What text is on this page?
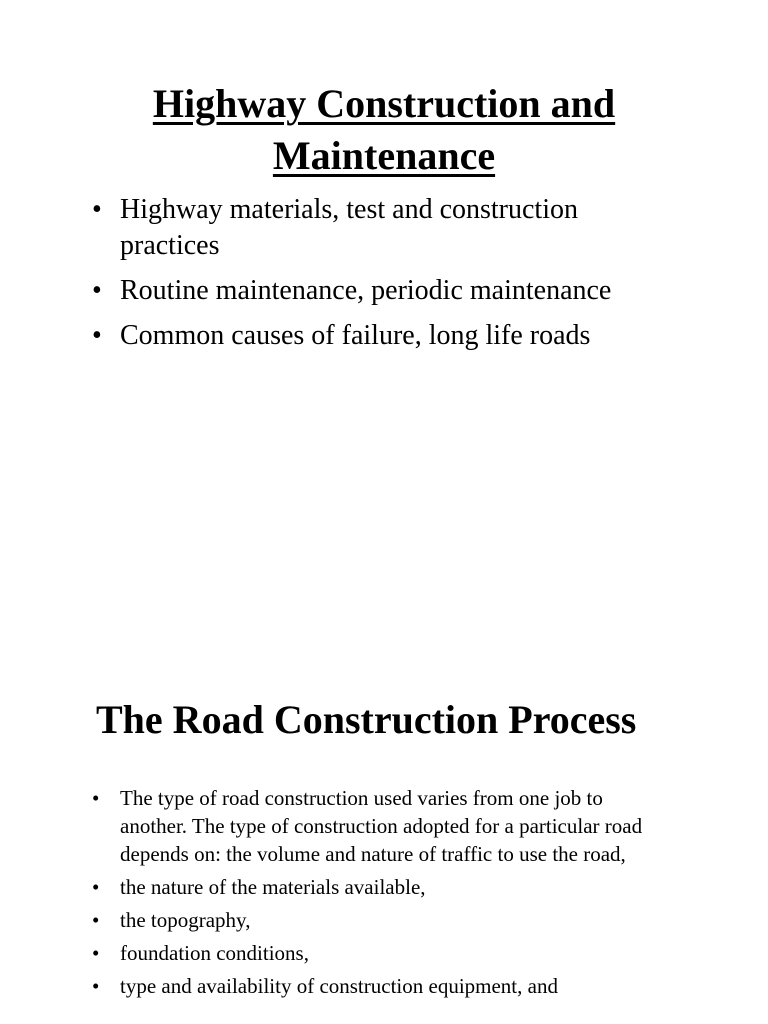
Highway Construction and
Maintenance
• Highway materials, test and construction practices
• Routine maintenance, periodic maintenance
• Common causes of failure, long life roads
The Road Construction Process
• The type of road construction used varies from one job to another. The type of construction adopted for a particular road depends on: the volume and nature of traffic to use the road,
• the nature of the materials available,
• the topography,
• foundation conditions,
• type and availability of construction equipment, and
